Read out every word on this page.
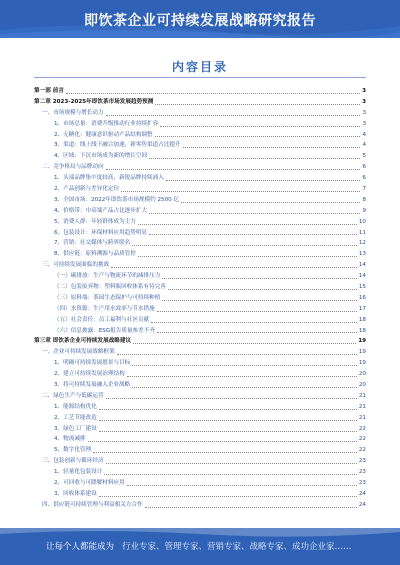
即饮茶企业可持续发展战略研究报告
内容目录
第一部 前言	3
第二章 2023-2025年即饮茶市场发展趋势预测	3
一、市场规模与增长动力	3
1、市场总量：消费升级推动行业持续扩容	3
2、无糖化：健康意识驱动产品结构调整	4
3、渠道：线上线下融合加速，新零售渠道占比提升	4
4、区域：下沉市场成为新的增长空间	5
二、竞争格局与品牌动向	6
1、头部品牌集中度较高，新锐品牌持续涌入	6
2、产品创新与差异化定位	7
3、全国市场：2022年即饮茶市场规模约 2500 亿	8
4、价格带：中高端产品占比逐步扩大	9
5、消费人群：年轻群体成为主力	10
6、包装设计：环保材料应用趋势明显	11
7、营销：社交媒体与跨界联名	12
8、供应链：原料溯源与品质管控	13
三、可持续发展面临的挑战	14
（一）碳排放：生产与物流环节的减排压力	14
（二）包装废弃物：塑料瓶回收体系有待完善	15
（三）原料端：茶园生态保护与可持续种植	16
（四）水资源：生产用水效率与节水措施	17
（五）社会责任：员工福利与社区贡献	18
（六）信息披露：ESG报告质量参差不齐	18
第三章 即饮茶企业可持续发展战略建议	19
一、企业可持续发展战略框架	19
1、明确可持续发展愿景与目标	19
2、建立可持续发展治理结构	20
3、将可持续发展融入企业战略	20
二、绿色生产与低碳运营	21
1、能源结构优化	21
2、工艺节能改造	21
3、绿色工厂建设	22
4、物流减排	22
5、数字化管理	22
三、包装创新与循环经济	23
1、轻量化包装设计	23
2、可回收与可降解材料应用	23
3、回收体系建设	24
四、供应链可持续管理与利益相关方合作	24
让每个人都能成为 行业专家、管理专家、营销专家、战略专家、成功企业家……
